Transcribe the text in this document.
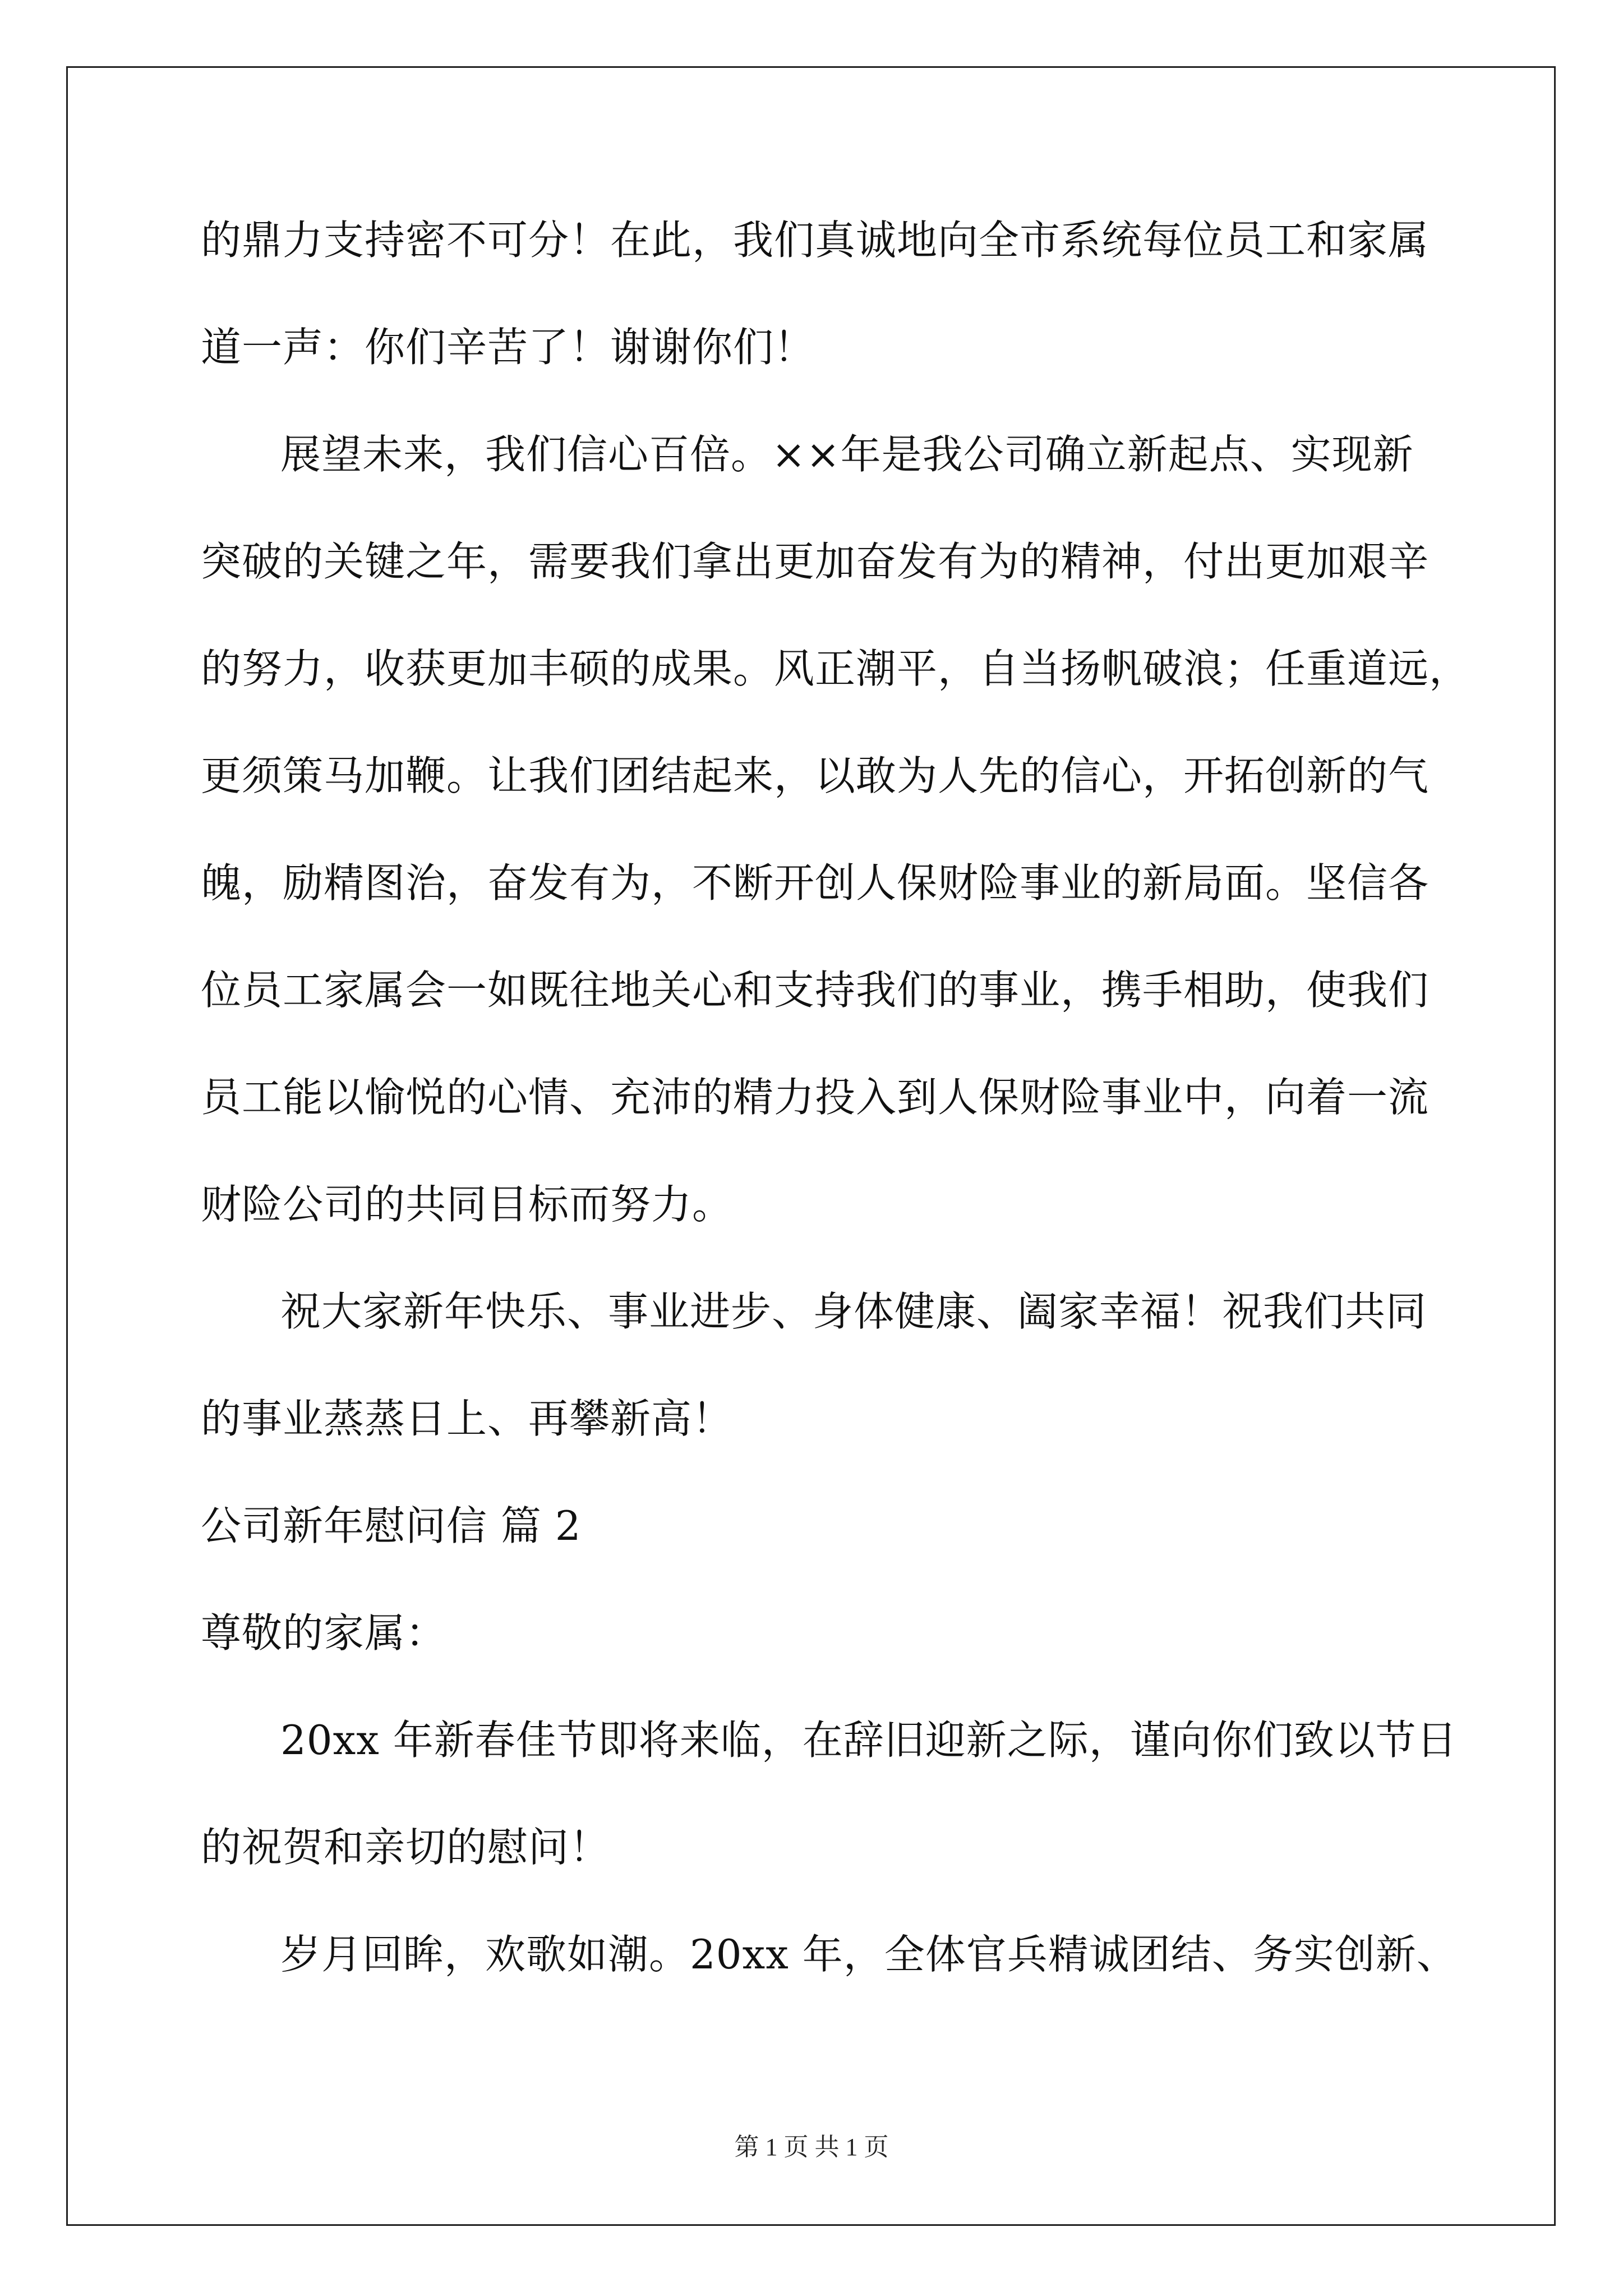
的鼎力支持密不可分！在此，我们真诚地向全市系统每位员工和家属
道一声：你们辛苦了！谢谢你们！
展望未来，我们信心百倍。××年是我公司确立新起点、实现新
突破的关键之年，需要我们拿出更加奋发有为的精神，付出更加艰辛
的努力，收获更加丰硕的成果。风正潮平，自当扬帆破浪；任重道远，
更须策马加鞭。让我们团结起来，以敢为人先的信心，开拓创新的气
魄，励精图治，奋发有为，不断开创人保财险事业的新局面。坚信各
位员工家属会一如既往地关心和支持我们的事业，携手相助，使我们
员工能以愉悦的心情、充沛的精力投入到人保财险事业中，向着一流
财险公司的共同目标而努力。
祝大家新年快乐、事业进步、身体健康、阖家幸福！祝我们共同
的事业蒸蒸日上、再攀新高！
公司新年慰问信 篇 2
尊敬的家属：
20xx 年新春佳节即将来临，在辞旧迎新之际，谨向你们致以节日
的祝贺和亲切的慰问！
岁月回眸，欢歌如潮。20xx 年，全体官兵精诚团结、务实创新、
第 1 页 共 1 页
